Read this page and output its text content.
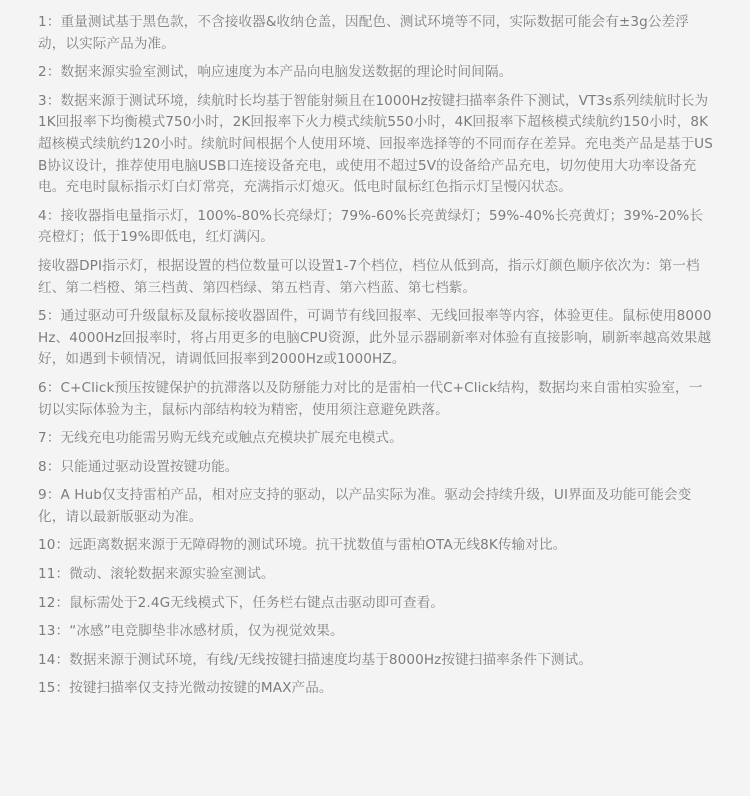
1：重量测试基于黑色款，不含接收器&收纳仓盖，因配色、测试环境等不同，实际数据可能会有±3g公差浮动，以实际产品为准。

2：数据来源实验室测试，响应速度为本产品向电脑发送数据的理论时间间隔。

3：数据来源于测试环境，续航时长均基于智能射频且在1000Hz按键扫描率条件下测试，VT3s系列续航时长为1K回报率下均衡模式750小时，2K回报率下火力模式续航550小时，4K回报率下超核模式续航约150小时，8K超核模式续航约120小时。续航时间根据个人使用环境、回报率选择等的不同而存在差异。充电类产品是基于USB协议设计，推荐使用电脑USB口连接设备充电，或使用不超过5V的设备给产品充电，切勿使用大功率设备充电。充电时鼠标指示灯白灯常亮，充满指示灯熄灭。低电时鼠标红色指示灯呈慢闪状态。

4：接收器指电量指示灯，100%-80%长亮绿灯；79%-60%长亮黄绿灯；59%-40%长亮黄灯；39%-20%长亮橙灯；低于19%即低电，红灯满闪。

接收器DPI指示灯，根据设置的档位数量可以设置1-7个档位，档位从低到高，指示灯颜色顺序依次为：第一档红、第二档橙、第三档黄、第四档绿、第五档青、第六档蓝、第七档紫。

5：通过驱动可升级鼠标及鼠标接收器固件，可调节有线回报率、无线回报率等内容，体验更佳。鼠标使用8000Hz、4000Hz回报率时，将占用更多的电脑CPU资源，此外显示器刷新率对体验有直接影响，刷新率越高效果越好，如遇到卡顿情况，请调低回报率到2000Hz或1000HZ。

6：C+Click预压按键保护的抗滞落以及防掰能力对比的是雷柏一代C+Click结构，数据均来自雷柏实验室，一切以实际体验为主，鼠标内部结构较为精密，使用须注意避免跌落。

7：无线充电功能需另购无线充或触点充模块扩展充电模式。

8：只能通过驱动设置按键功能。

9：A Hub仅支持雷柏产品，相对应支持的驱动，以产品实际为准。驱动会持续升级，UI界面及功能可能会变化，请以最新版驱动为准。

10：远距离数据来源于无障碍物的测试环境。抗干扰数值与雷柏OTA无线8K传输对比。

11：微动、滚轮数据来源实验室测试。

12：鼠标需处于2.4G无线模式下，任务栏右键点击驱动即可查看。

13：“冰感”电竞脚垫非冰感材质，仅为视觉效果。

14：数据来源于测试环境，有线/无线按键扫描速度均基于8000Hz按键扫描率条件下测试。

15：按键扫描率仅支持光微动按键的MAX产品。
